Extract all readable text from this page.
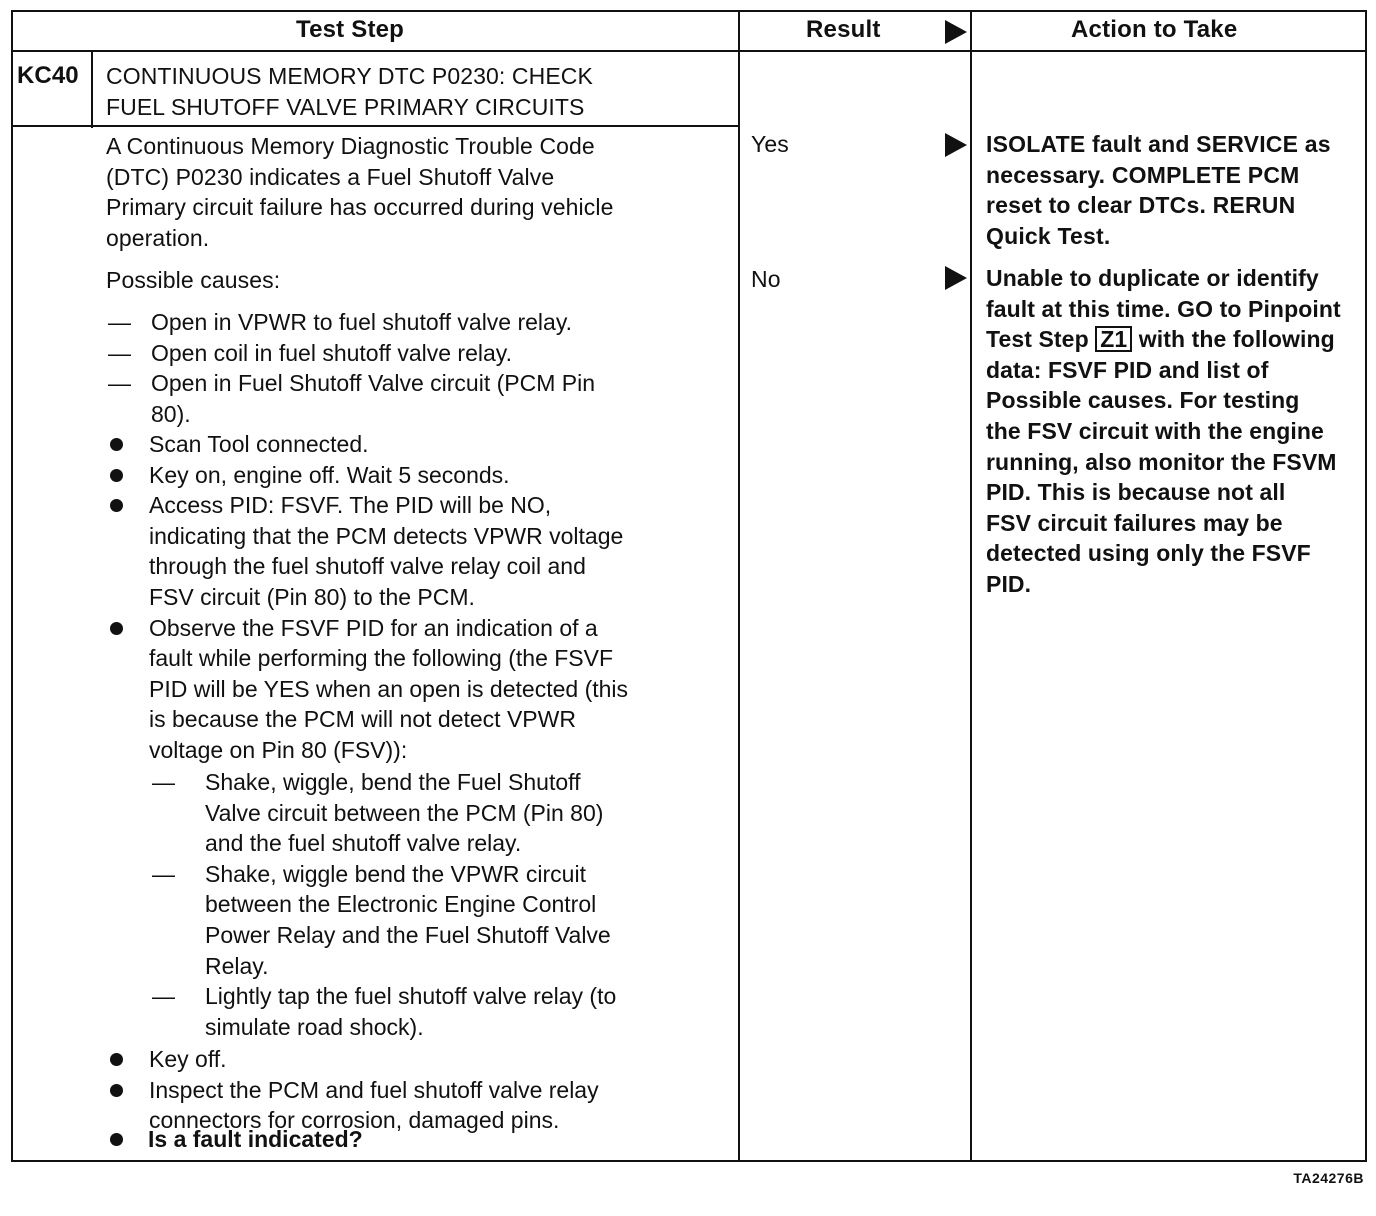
Test Step	Result	Action to Take
KC40 CONTINUOUS MEMORY DTC P0230: CHECK
FUEL SHUTOFF VALVE PRIMARY CIRCUITS
A Continuous Memory Diagnostic Trouble Code
(DTC) P0230 indicates a Fuel Shutoff Valve
Primary circuit failure has occurred during vehicle
operation.
Possible causes:
— Open in VPWR to fuel shutoff valve relay.
— Open coil in fuel shutoff valve relay.
— Open in Fuel Shutoff Valve circuit (PCM Pin
80).
Scan Tool connected.
Key on, engine off. Wait 5 seconds.
Access PID: FSVF. The PID will be NO,
indicating that the PCM detects VPWR voltage
through the fuel shutoff valve relay coil and
FSV circuit (Pin 80) to the PCM.
Observe the FSVF PID for an indication of a
fault while performing the following (the FSVF
PID will be YES when an open is detected (this
is because the PCM will not detect VPWR
voltage on Pin 80 (FSV)):
— Shake, wiggle, bend the Fuel Shutoff
Valve circuit between the PCM (Pin 80)
and the fuel shutoff valve relay.
— Shake, wiggle bend the VPWR circuit
between the Electronic Engine Control
Power Relay and the Fuel Shutoff Valve
Relay.
— Lightly tap the fuel shutoff valve relay (to
simulate road shock).
Key off.
Inspect the PCM and fuel shutoff valve relay
connectors for corrosion, damaged pins.
Is a fault indicated?
Yes
No
ISOLATE fault and SERVICE as
necessary. COMPLETE PCM
reset to clear DTCs. RERUN
Quick Test.
Unable to duplicate or identify
fault at this time. GO to Pinpoint
Test Step Z1 with the following
data: FSVF PID and list of
Possible causes. For testing
the FSV circuit with the engine
running, also monitor the FSVM
PID. This is because not all
FSV circuit failures may be
detected using only the FSVF
PID.
TA24276B
